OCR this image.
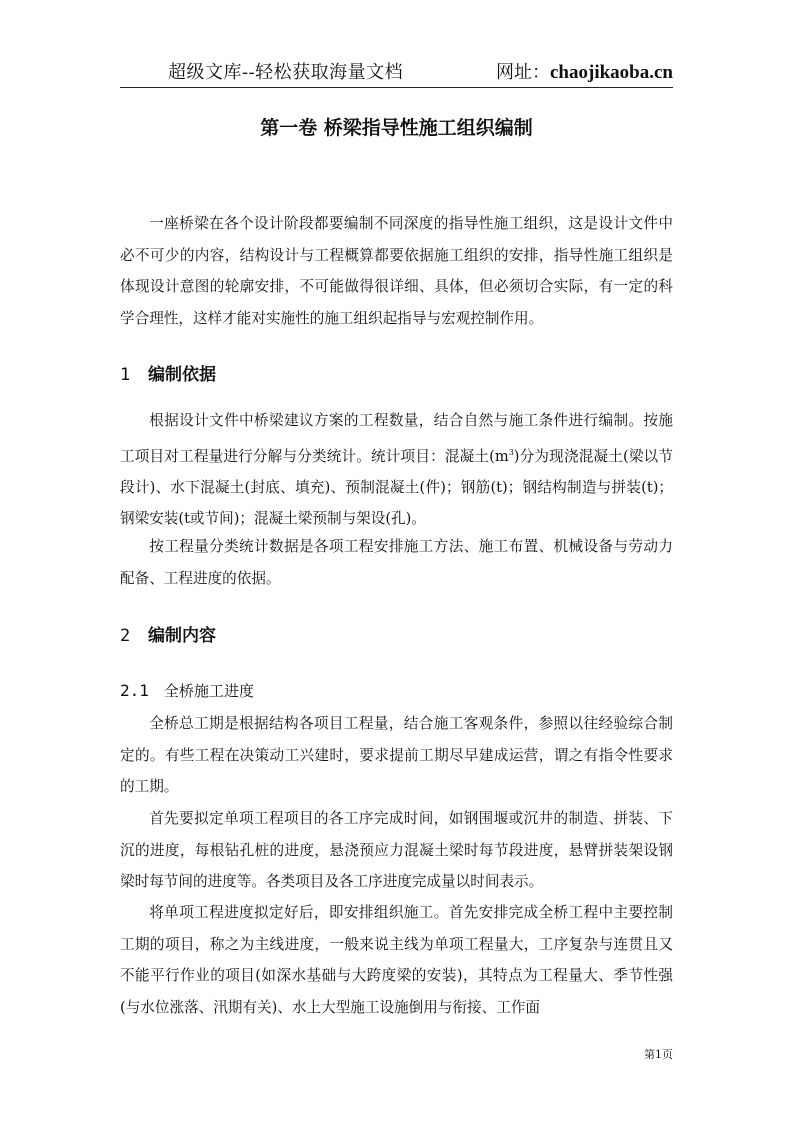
超级文库--轻松获取海量文档	网址：chaojikaoba.cn
第一卷 桥梁指导性施工组织编制
一座桥梁在各个设计阶段都要编制不同深度的指导性施工组织，这是设计文件中必不可少的内容，结构设计与工程概算都要依据施工组织的安排，指导性施工组织是体现设计意图的轮廓安排，不可能做得很详细、具体，但必须切合实际，有一定的科学合理性，这样才能对实施性的施工组织起指导与宏观控制作用。
1 编制依据
根据设计文件中桥梁建议方案的工程数量，结合自然与施工条件进行编制。按施工项目对工程量进行分解与分类统计。统计项目：混凝土$(m^3)$分为现浇混凝土(梁以节段计)、水下混凝土(封底、填充)、预制混凝土(件)；钢筋(t)；钢结构制造与拼装(t)；钢梁安装(t或节间)；混凝土梁预制与架设(孔)。
按工程量分类统计数据是各项工程安排施工方法、施工布置、机械设备与劳动力配备、工程进度的依据。
2 编制内容
2.1 全桥施工进度
全桥总工期是根据结构各项目工程量，结合施工客观条件，参照以往经验综合制定的。有些工程在决策动工兴建时，要求提前工期尽早建成运营，谓之有指令性要求的工期。
首先要拟定单项工程项目的各工序完成时间，如钢围堰或沉井的制造、拼装、下沉的进度，每根钻孔桩的进度，悬浇预应力混凝土梁时每节段进度，悬臂拼装架设钢梁时每节间的进度等。各类项目及各工序进度完成量以时间表示。
将单项工程进度拟定好后，即安排组织施工。首先安排完成全桥工程中主要控制工期的项目，称之为主线进度，一般来说主线为单项工程量大，工序复杂与连贯且又不能平行作业的项目(如深水基础与大跨度梁的安装)，其特点为工程量大、季节性强(与水位涨落、汛期有关)、水上大型施工设施倒用与衔接、工作面
第1页
